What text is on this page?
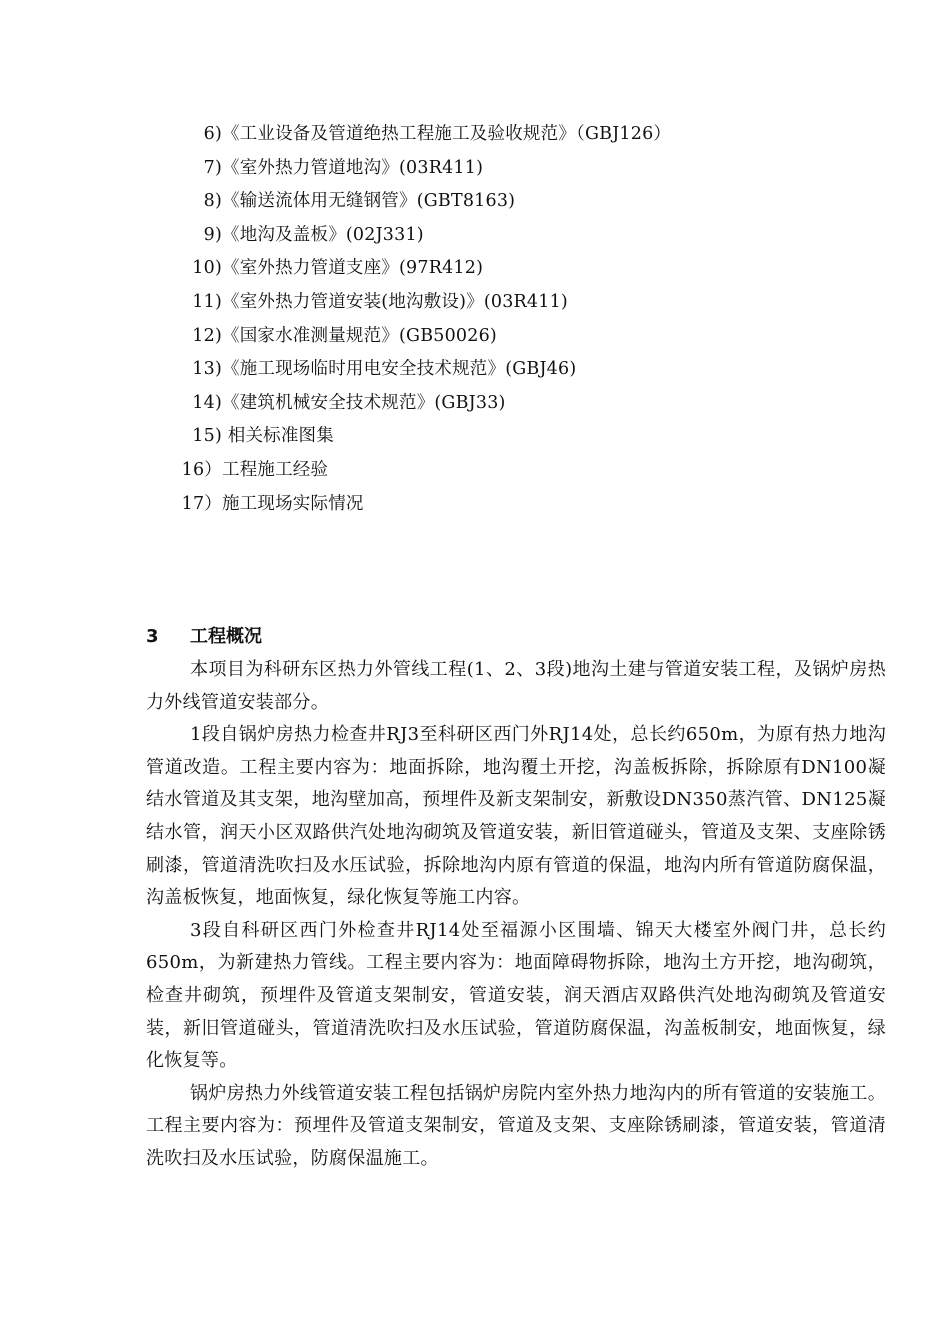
6)《工业设备及管道绝热工程施工及验收规范》（GBJ126）
7)《室外热力管道地沟》(03R411)
8)《输送流体用无缝钢管》(GBT8163)
9)《地沟及盖板》(02J331)
10)《室外热力管道支座》(97R412)
11)《室外热力管道安装(地沟敷设)》(03R411)
12)《国家水准测量规范》(GB50026)
13)《施工现场临时用电安全技术规范》(GBJ46)
14)《建筑机械安全技术规范》(GBJ33)
15) 相关标准图集
16）工程施工经验
17）施工现场实际情况
3 工程概况

本项目为科研东区热力外管线工程(1、2、3段)地沟土建与管道安装工程，及锅炉房热力外线管道安装部分。

1段自锅炉房热力检查井RJ3至科研区西门外RJ14处，总长约650m，为原有热力地沟管道改造。工程主要内容为：地面拆除，地沟覆土开挖，沟盖板拆除，拆除原有DN100凝结水管道及其支架，地沟壁加高，预埋件及新支架制安，新敷设DN350蒸汽管、DN125凝结水管，润天小区双路供汽处地沟砌筑及管道安装，新旧管道碰头，管道及支架、支座除锈刷漆，管道清洗吹扫及水压试验，拆除地沟内原有管道的保温，地沟内所有管道防腐保温，沟盖板恢复，地面恢复，绿化恢复等施工内容。

3段自科研区西门外检查井RJ14处至福源小区围墙、锦天大楼室外阀门井，总长约650m，为新建热力管线。工程主要内容为：地面障碍物拆除，地沟土方开挖，地沟砌筑，检查井砌筑，预埋件及管道支架制安，管道安装，润天酒店双路供汽处地沟砌筑及管道安装，新旧管道碰头，管道清洗吹扫及水压试验，管道防腐保温，沟盖板制安，地面恢复，绿化恢复等。

锅炉房热力外线管道安装工程包括锅炉房院内室外热力地沟内的所有管道的安装施工。工程主要内容为：预埋件及管道支架制安，管道及支架、支座除锈刷漆，管道安装，管道清洗吹扫及水压试验，防腐保温施工。
